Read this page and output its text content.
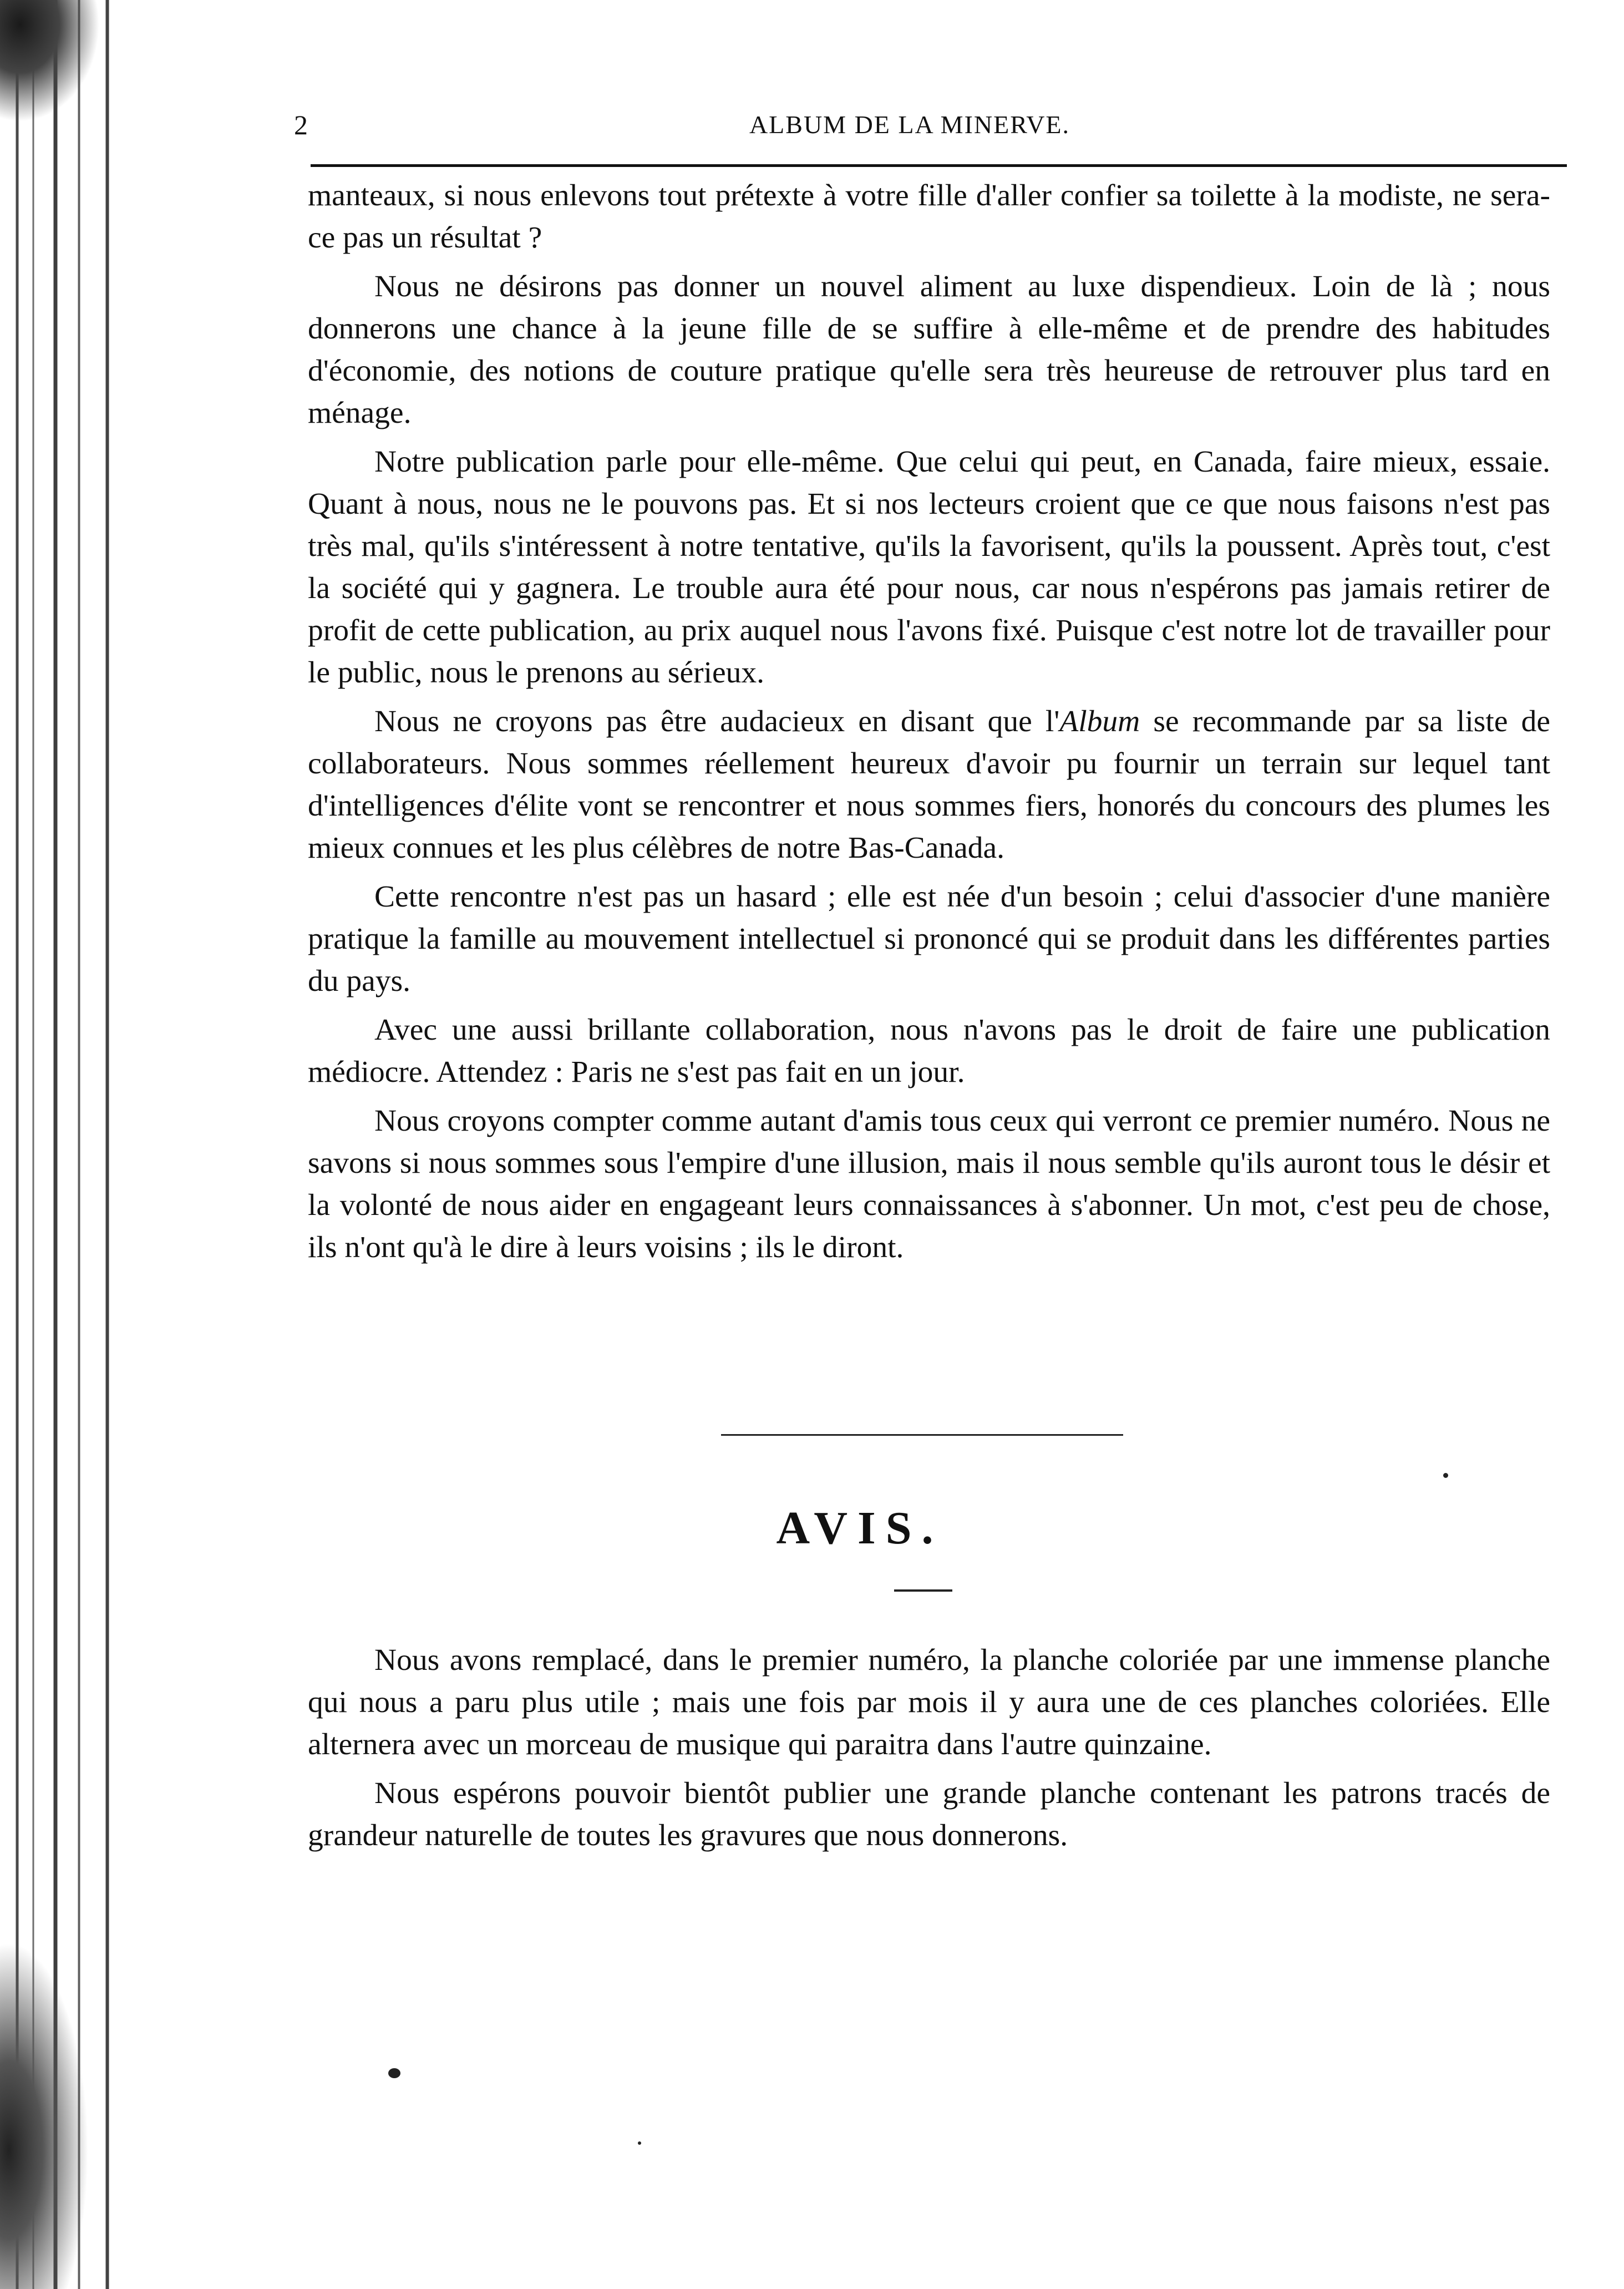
2	ALBUM DE LA MINERVE.

manteaux, si nous enlevons tout prétexte à votre fille d'aller confier sa toilette à la modiste, ne sera-ce pas un résultat ?

Nous ne désirons pas donner un nouvel aliment au luxe dispendieux. Loin de là ; nous donnerons une chance à la jeune fille de se suffire à elle-même et de prendre des habitudes d'économie, des notions de couture pratique qu'elle sera très heureuse de retrouver plus tard en ménage.

Notre publication parle pour elle-même. Que celui qui peut, en Canada, faire mieux, essaie. Quant à nous, nous ne le pouvons pas. Et si nos lecteurs croient que ce que nous faisons n'est pas très mal, qu'ils s'intéressent à notre tentative, qu'ils la favorisent, qu'ils la poussent. Après tout, c'est la société qui y gagnera. Le trouble aura été pour nous, car nous n'espérons pas jamais retirer de profit de cette publication, au prix auquel nous l'avons fixé. Puisque c'est notre lot de travailler pour le public, nous le prenons au sérieux.

Nous ne croyons pas être audacieux en disant que l'Album se recommande par sa liste de collaborateurs. Nous sommes réellement heureux d'avoir pu fournir un terrain sur lequel tant d'intelligences d'élite vont se rencontrer et nous sommes fiers, honorés du concours des plumes les mieux connues et les plus célèbres de notre Bas-Canada.

Cette rencontre n'est pas un hasard ; elle est née d'un besoin ; celui d'associer d'une manière pratique la famille au mouvement intellectuel si prononcé qui se produit dans les différentes parties du pays.

Avec une aussi brillante collaboration, nous n'avons pas le droit de faire une publication médiocre. Attendez : Paris ne s'est pas fait en un jour.

Nous croyons compter comme autant d'amis tous ceux qui verront ce premier numéro. Nous ne savons si nous sommes sous l'empire d'une illusion, mais il nous semble qu'ils auront tous le désir et la volonté de nous aider en engageant leurs connaissances à s'abonner. Un mot, c'est peu de chose, ils n'ont qu'à le dire à leurs voisins ; ils le diront.

AVIS.

Nous avons remplacé, dans le premier numéro, la planche coloriée par une immense planche qui nous a paru plus utile ; mais une fois par mois il y aura une de ces planches coloriées. Elle alternera avec un morceau de musique qui paraitra dans l'autre quinzaine.

Nous espérons pouvoir bientôt publier une grande planche contenant les patrons tracés de grandeur naturelle de toutes les gravures que nous donnerons.
